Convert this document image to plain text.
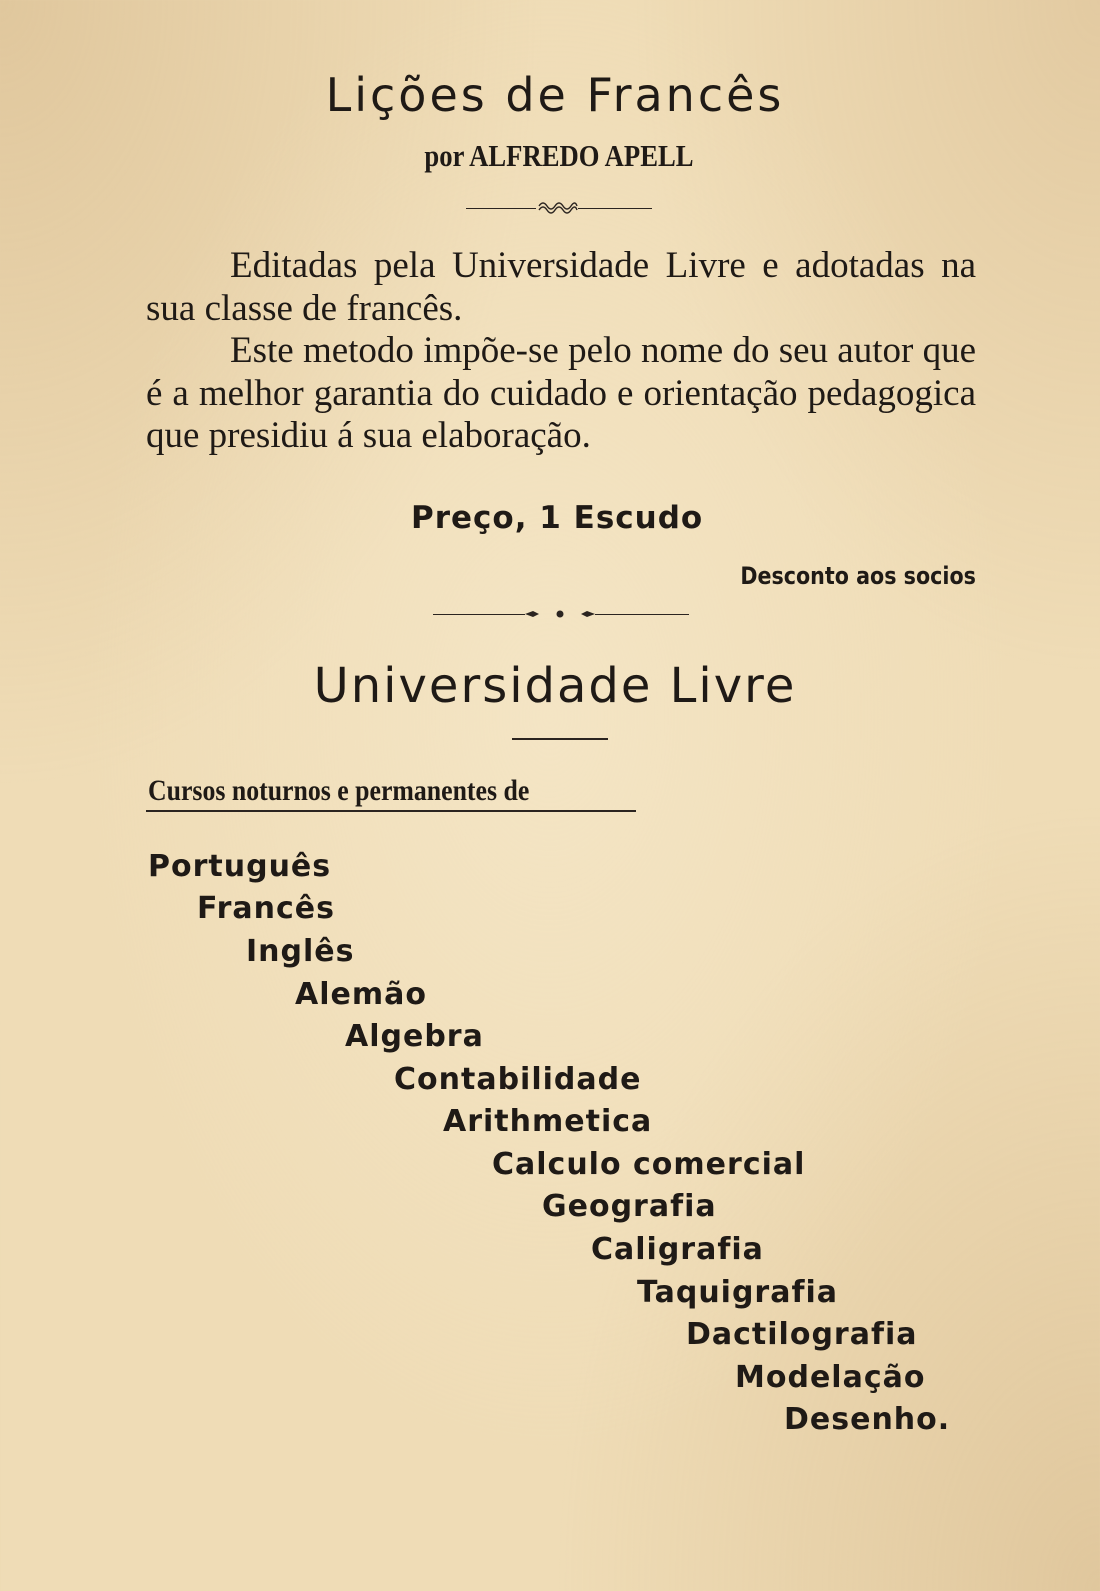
Lições de Francês
por ALFREDO APELL

Editadas pela Universidade Livre e adotadas na sua classe de francês.

Este metodo impõe-se pelo nome do seu autor que é a melhor garantia do cuidado e orientação pedagogica que presidiu á sua elaboração.

Preço, 1 Escudo
Desconto aos socios
Universidade Livre
Cursos noturnos e permanentes de
Português
Francês
Inglês
Alemão
Algebra
Contabilidade
Arithmetica
Calculo comercial
Geografia
Caligrafia
Taquigrafia
Dactilografia
Modelação
Desenho.
